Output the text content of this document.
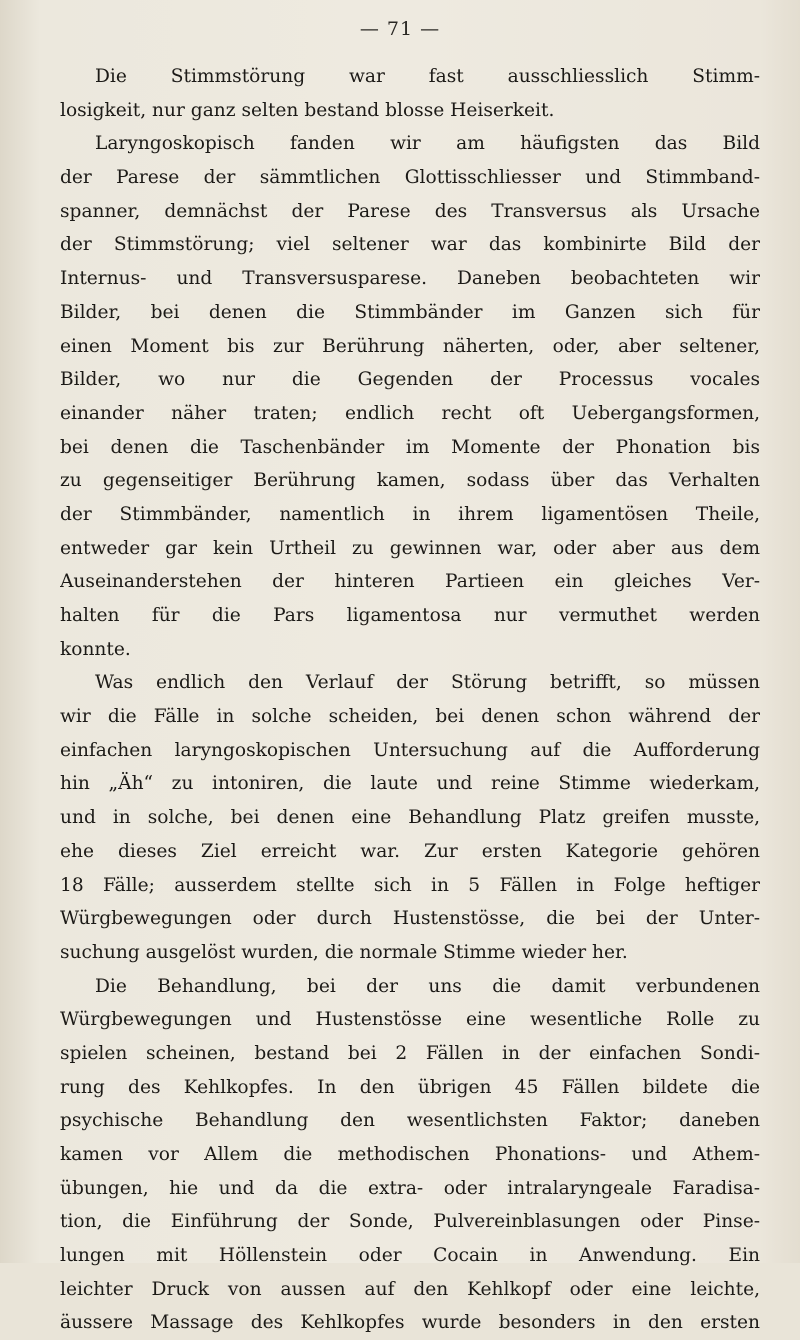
— 71 —
Die Stimmstörung war fast ausschliesslich Stimm-
losigkeit, nur ganz selten bestand blosse Heiserkeit.
Laryngoskopisch fanden wir am häufigsten das Bild
der Parese der sämmtlichen Glottisschliesser und Stimmband-
spanner, demnächst der Parese des Transversus als Ursache
der Stimmstörung; viel seltener war das kombinirte Bild der
Internus- und Transversusparese. Daneben beobachteten wir
Bilder, bei denen die Stimmbänder im Ganzen sich für
einen Moment bis zur Berührung näherten, oder, aber seltener,
Bilder, wo nur die Gegenden der Processus vocales
einander näher traten; endlich recht oft Uebergangsformen,
bei denen die Taschenbänder im Momente der Phonation bis
zu gegenseitiger Berührung kamen, sodass über das Verhalten
der Stimmbänder, namentlich in ihrem ligamentösen Theile,
entweder gar kein Urtheil zu gewinnen war, oder aber aus dem
Auseinanderstehen der hinteren Partieen ein gleiches Ver-
halten für die Pars ligamentosa nur vermuthet werden
konnte.
Was endlich den Verlauf der Störung betrifft, so müssen
wir die Fälle in solche scheiden, bei denen schon während der
einfachen laryngoskopischen Untersuchung auf die Aufforderung
hin „Äh“ zu intoniren, die laute und reine Stimme wiederkam,
und in solche, bei denen eine Behandlung Platz greifen musste,
ehe dieses Ziel erreicht war. Zur ersten Kategorie gehören
18 Fälle; ausserdem stellte sich in 5 Fällen in Folge heftiger
Würgbewegungen oder durch Hustenstösse, die bei der Unter-
suchung ausgelöst wurden, die normale Stimme wieder her.
Die Behandlung, bei der uns die damit verbundenen
Würgbewegungen und Hustenstösse eine wesentliche Rolle zu
spielen scheinen, bestand bei 2 Fällen in der einfachen Sondi-
rung des Kehlkopfes. In den übrigen 45 Fällen bildete die
psychische Behandlung den wesentlichsten Faktor; daneben
kamen vor Allem die methodischen Phonations- und Athem-
übungen, hie und da die extra- oder intralaryngeale Faradisa-
tion, die Einführung der Sonde, Pulvereinblasungen oder Pinse-
lungen mit Höllenstein oder Cocain in Anwendung. Ein
leichter Druck von aussen auf den Kehlkopf oder eine leichte,
äussere Massage des Kehlkopfes wurde besonders in den ersten
